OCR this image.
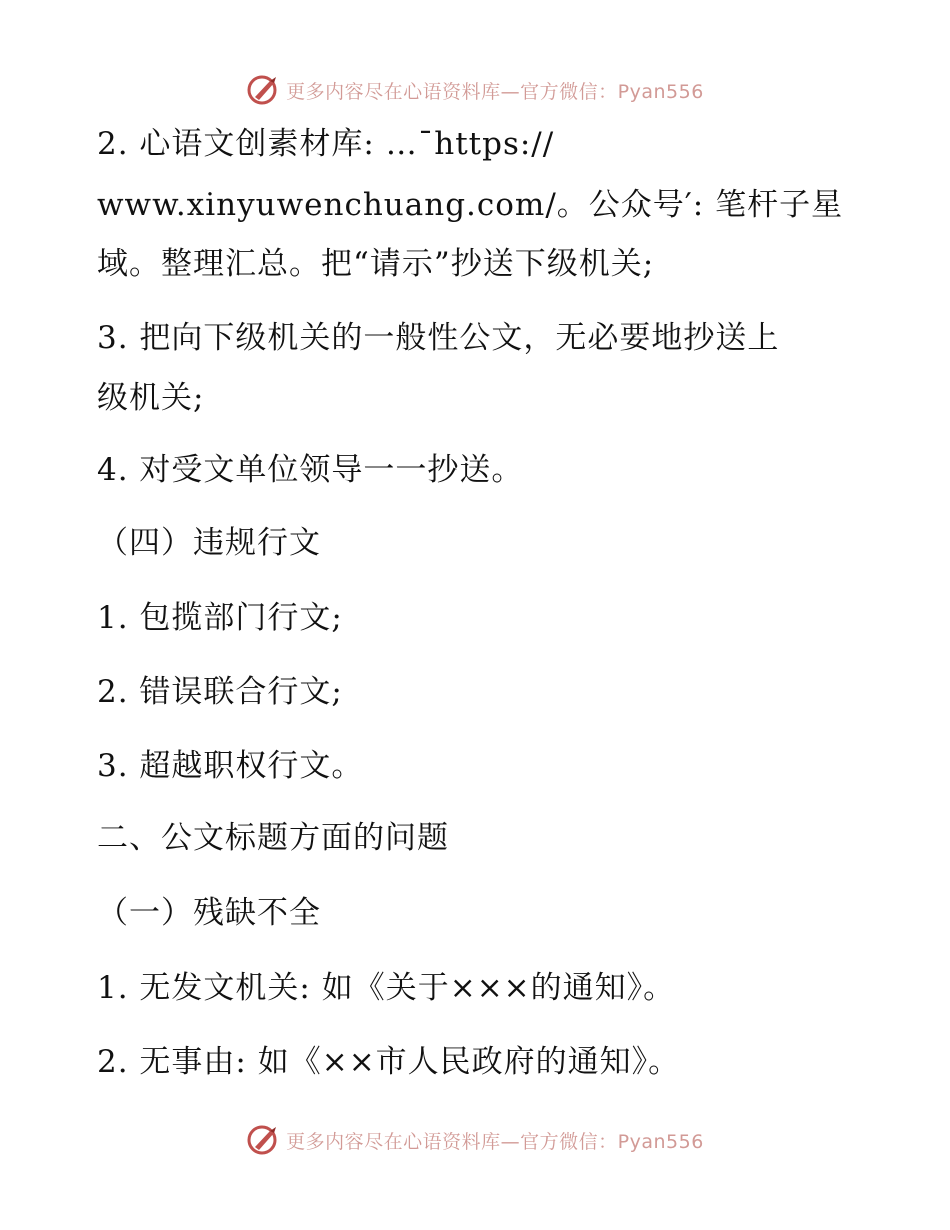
更多内容尽在心语资料库—官方微信：Pyan556
2. 心语文创素材库: …¯https://
www.xinyuwenchuang.com/。公众号′: 笔杆子星
域。整理汇总。把“请示”抄送下级机关;
3. 把向下级机关的一般性公文，无必要地抄送上
级机关;
4. 对受文单位领导一一抄送。
（四）违规行文
1. 包揽部门行文;
2. 错误联合行文;
3. 超越职权行文。
二、公文标题方面的问题
（一）残缺不全
1. 无发文机关: 如《关于×××的通知》。
2. 无事由: 如《××市人民政府的通知》。
更多内容尽在心语资料库—官方微信：Pyan556
